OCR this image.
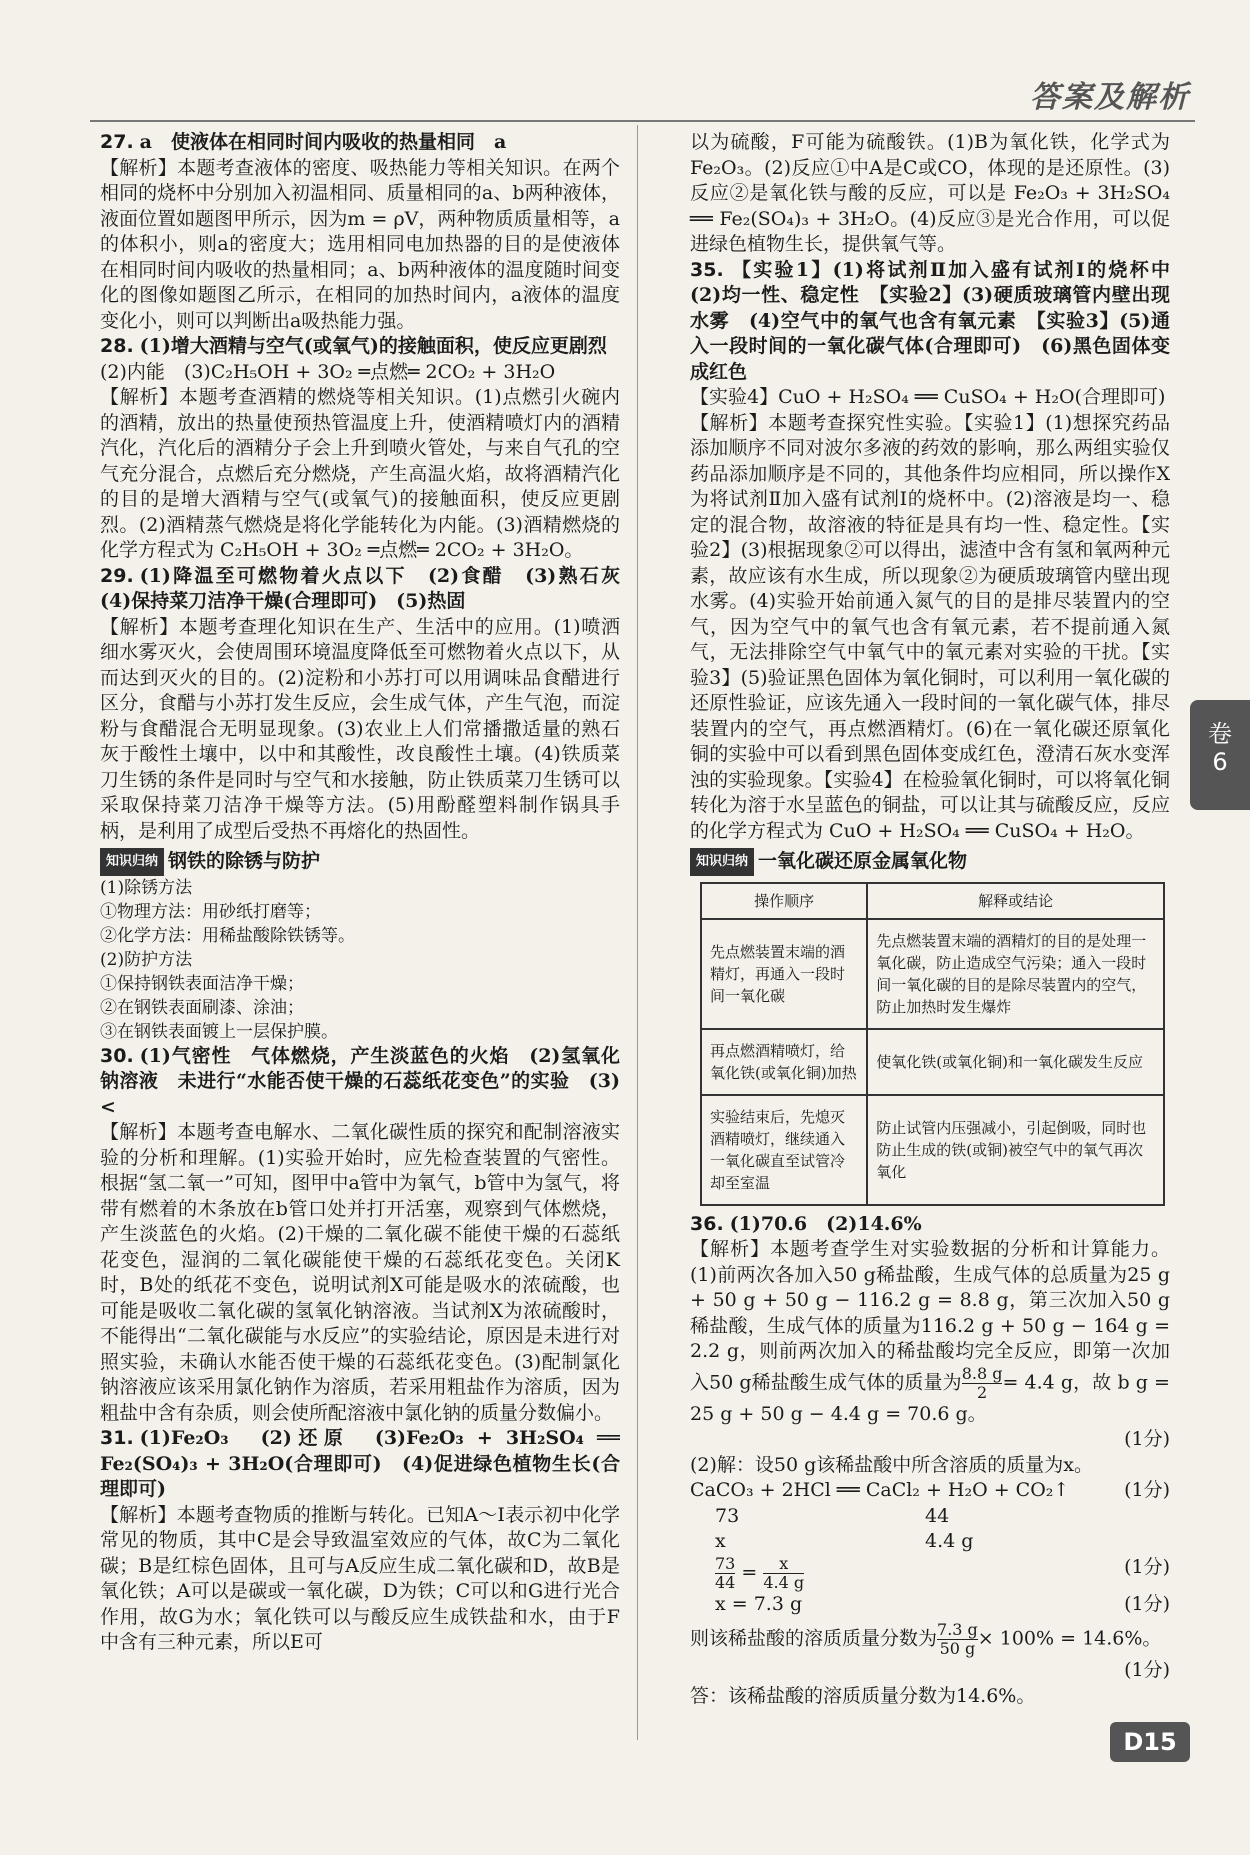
答案及解析

27. a　使液体在相同时间内吸收的热量相同　a

【解析】本题考查液体的密度、吸热能力等相关知识。在两个相同的烧杯中分别加入初温相同、质量相同的a、b两种液体，液面位置如题图甲所示，因为m = ρV，两种物质质量相等，a的体积小，则a的密度大；选用相同电加热器的目的是使液体在相同时间内吸收的热量相同；a、b两种液体的温度随时间变化的图像如题图乙所示，在相同的加热时间内，a液体的温度变化小，则可以判断出a吸热能力强。

28. (1)增大酒精与空气(或氧气)的接触面积，使反应更剧烈

(2)内能　(3)C₂H₅OH + 3O₂ ═点燃═ 2CO₂ + 3H₂O

【解析】本题考查酒精的燃烧等相关知识。(1)点燃引火碗内的酒精，放出的热量使预热管温度上升，使酒精喷灯内的酒精汽化，汽化后的酒精分子会上升到喷火管处，与来自气孔的空气充分混合，点燃后充分燃烧，产生高温火焰，故将酒精汽化的目的是增大酒精与空气(或氧气)的接触面积，使反应更剧烈。(2)酒精蒸气燃烧是将化学能转化为内能。(3)酒精燃烧的化学方程式为 C₂H₅OH + 3O₂ ═点燃═ 2CO₂ + 3H₂O。

29. (1)降温至可燃物着火点以下　(2)食醋　(3)熟石灰　(4)保持菜刀洁净干燥(合理即可)　(5)热固

【解析】本题考查理化知识在生产、生活中的应用。(1)喷洒细水雾灭火，会使周围环境温度降低至可燃物着火点以下，从而达到灭火的目的。(2)淀粉和小苏打可以用调味品食醋进行区分，食醋与小苏打发生反应，会生成气体，产生气泡，而淀粉与食醋混合无明显现象。(3)农业上人们常播撒适量的熟石灰于酸性土壤中，以中和其酸性，改良酸性土壤。(4)铁质菜刀生锈的条件是同时与空气和水接触，防止铁质菜刀生锈可以采取保持菜刀洁净干燥等方法。(5)用酚醛塑料制作锅具手柄，是利用了成型后受热不再熔化的热固性。

知识归纳 钢铁的除锈与防护
(1)除锈方法
①物理方法：用砂纸打磨等；
②化学方法：用稀盐酸除铁锈等。
(2)防护方法
①保持钢铁表面洁净干燥；
②在钢铁表面刷漆、涂油；
③在钢铁表面镀上一层保护膜。

30. (1)气密性　气体燃烧，产生淡蓝色的火焰　(2)氢氧化钠溶液　未进行“水能否使干燥的石蕊纸花变色”的实验　(3) <

【解析】本题考查电解水、二氧化碳性质的探究和配制溶液实验的分析和理解。(1)实验开始时，应先检查装置的气密性。根据“氢二氧一”可知，图甲中a管中为氧气，b管中为氢气，将带有燃着的木条放在b管口处并打开活塞，观察到气体燃烧，产生淡蓝色的火焰。(2)干燥的二氧化碳不能使干燥的石蕊纸花变色，湿润的二氧化碳能使干燥的石蕊纸花变色。关闭K时，B处的纸花不变色，说明试剂X可能是吸水的浓硫酸，也可能是吸收二氧化碳的氢氧化钠溶液。当试剂X为浓硫酸时，不能得出“二氧化碳能与水反应”的实验结论，原因是未进行对照实验，未确认水能否使干燥的石蕊纸花变色。(3)配制氯化钠溶液应该采用氯化钠作为溶质，若采用粗盐作为溶质，因为粗盐中含有杂质，则会使所配溶液中氯化钠的质量分数偏小。

31. (1)Fe₂O₃　(2)还原　(3)Fe₂O₃ + 3H₂SO₄ ══ Fe₂(SO₄)₃ + 3H₂O(合理即可)　(4)促进绿色植物生长(合理即可)

【解析】本题考查物质的推断与转化。已知A～I表示初中化学常见的物质，其中C是会导致温室效应的气体，故C为二氧化碳；B是红棕色固体，且可与A反应生成二氧化碳和D，故B是氧化铁；A可以是碳或一氧化碳，D为铁；C可以和G进行光合作用，故G为水；氧化铁可以与酸反应生成铁盐和水，由于F中含有三种元素，所以E可

以为硫酸，F可能为硫酸铁。(1)B为氧化铁，化学式为Fe₂O₃。(2)反应①中A是C或CO，体现的是还原性。(3)反应②是氧化铁与酸的反应，可以是 Fe₂O₃ + 3H₂SO₄ ══ Fe₂(SO₄)₃ + 3H₂O。(4)反应③是光合作用，可以促进绿色植物生长，提供氧气等。

35. 【实验1】(1)将试剂Ⅱ加入盛有试剂Ⅰ的烧杯中　(2)均一性、稳定性　【实验2】(3)硬质玻璃管内壁出现水雾　(4)空气中的氧气也含有氧元素　【实验3】(5)通入一段时间的一氧化碳气体(合理即可)　(6)黑色固体变成红色

【实验4】CuO + H₂SO₄ ══ CuSO₄ + H₂O(合理即可)

【解析】本题考查探究性实验。【实验1】(1)想探究药品添加顺序不同对波尔多液的药效的影响，那么两组实验仅药品添加顺序是不同的，其他条件均应相同，所以操作X为将试剂Ⅱ加入盛有试剂Ⅰ的烧杯中。(2)溶液是均一、稳定的混合物，故溶液的特征是具有均一性、稳定性。【实验2】(3)根据现象②可以得出，滤渣中含有氢和氧两种元素，故应该有水生成，所以现象②为硬质玻璃管内壁出现水雾。(4)实验开始前通入氮气的目的是排尽装置内的空气，因为空气中的氧气也含有氧元素，若不提前通入氮气，无法排除空气中氧气中的氧元素对实验的干扰。【实验3】(5)验证黑色固体为氧化铜时，可以利用一氧化碳的还原性验证，应该先通入一段时间的一氧化碳气体，排尽装置内的空气，再点燃酒精灯。(6)在一氧化碳还原氧化铜的实验中可以看到黑色固体变成红色，澄清石灰水变浑浊的实验现象。【实验4】在检验氧化铜时，可以将氧化铜转化为溶于水呈蓝色的铜盐，可以让其与硫酸反应，反应的化学方程式为 CuO + H₂SO₄ ══ CuSO₄ + H₂O。

知识归纳 一氧化碳还原金属氧化物
操作顺序	解释或结论
先点燃装置末端的酒精灯，再通入一段时间一氧化碳	先点燃装置末端的酒精灯的目的是处理一氧化碳，防止造成空气污染；通入一段时间一氧化碳的目的是除尽装置内的空气，防止加热时发生爆炸
再点燃酒精喷灯，给氧化铁(或氧化铜)加热	使氧化铁(或氧化铜)和一氧化碳发生反应
实验结束后，先熄灭酒精喷灯，继续通入一氧化碳直至试管冷却至室温	防止试管内压强减小，引起倒吸，同时也防止生成的铁(或铜)被空气中的氧气再次氧化

36. (1)70.6　(2)14.6%

【解析】本题考查学生对实验数据的分析和计算能力。(1)前两次各加入50 g稀盐酸，生成气体的总质量为25 g + 50 g + 50 g − 116.2 g = 8.8 g，第三次加入50 g稀盐酸，生成气体的质量为116.2 g + 50 g − 164 g = 2.2 g，则前两次加入的稀盐酸均完全反应，即第一次加入50 g稀盐酸生成气体的质量为 $\frac{8.8 g}{2} = 4.4$ g，故 b g = 25 g + 50 g − 4.4 g = 70.6 g。

(1分)

(2)解：设50 g该稀盐酸中所含溶质的质量为x。

CaCO₃ + 2HCl ══ CaCl₂ + H₂O + CO₂↑	(1分)
73	44
x	4.4 g
$\frac{73}{44} = \frac{x}{4.4 g}$	(1分)
x = 7.3 g	(1分)

则该稀盐酸的溶质质量分数为 $\frac{7.3 g}{50 g} \times 100\% = 14.6\%$。

(1分)

答：该稀盐酸的溶质质量分数为14.6%。

卷
6
D15
